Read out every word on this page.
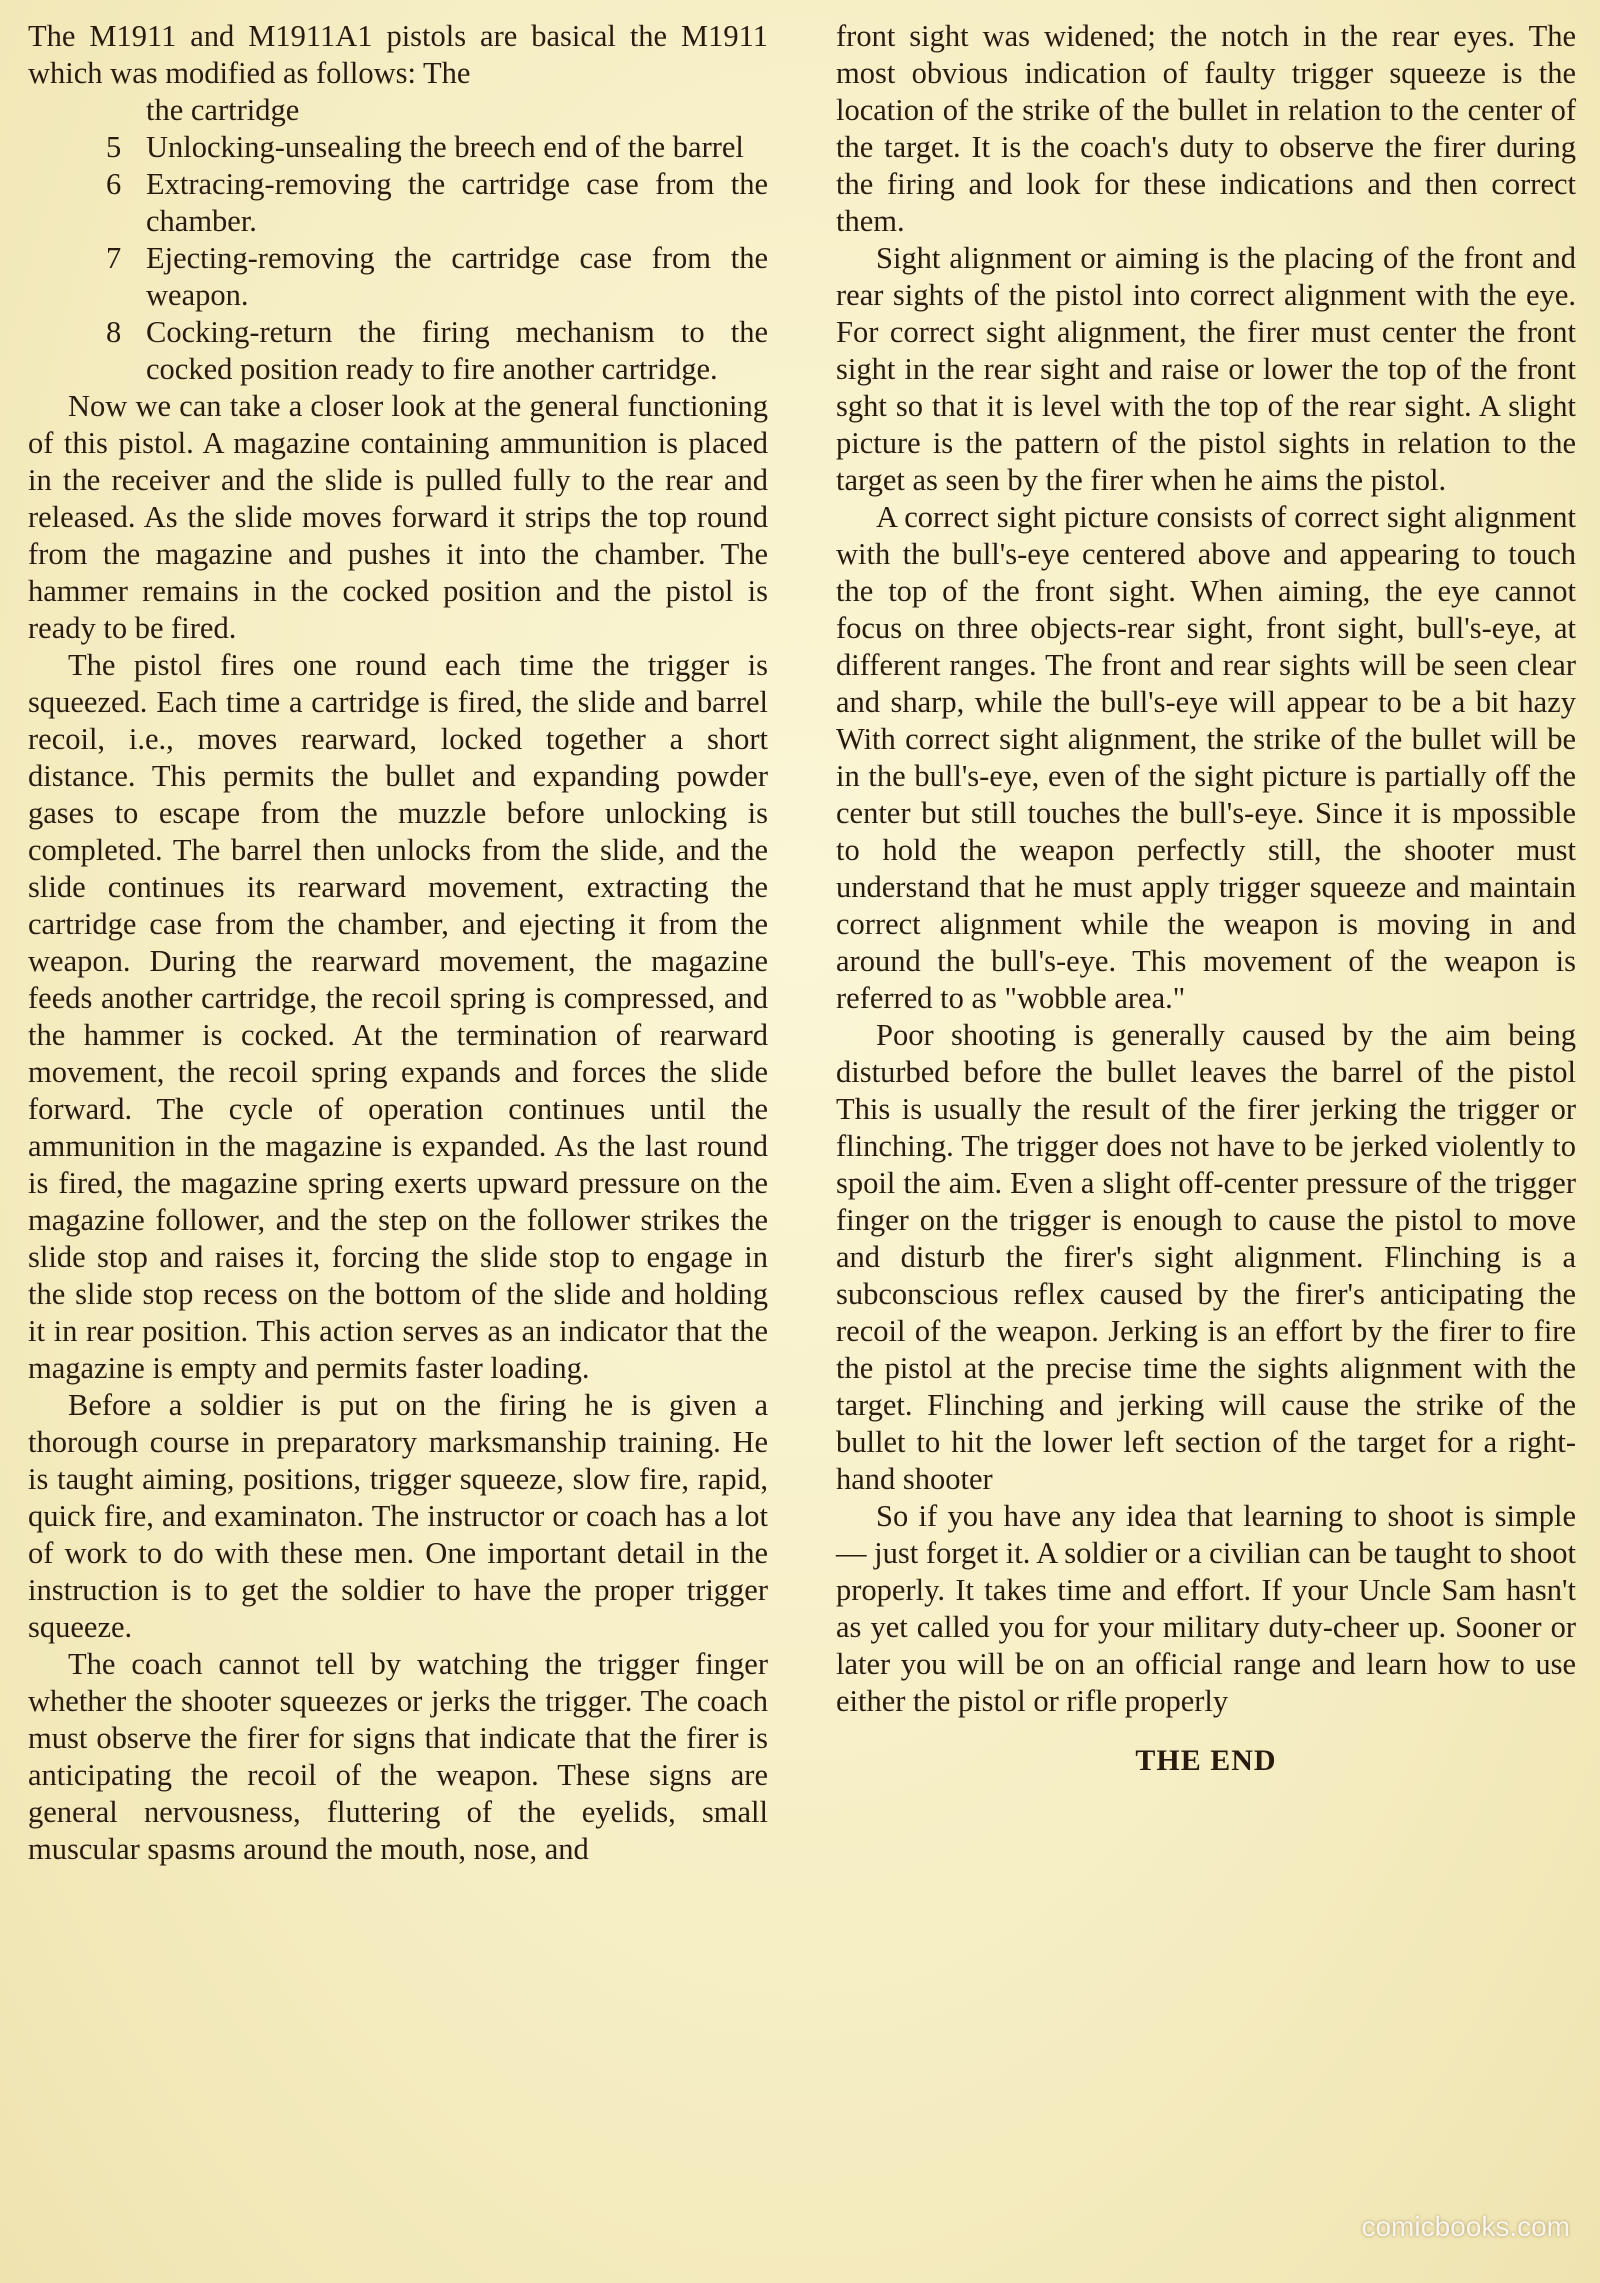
The M1911 and M1911A1 pistols are basical the M1911 which was modified as follows: The

the cartridge

5 Unlocking-unsealing the breech end of the barrel
6 Extracing-removing the cartridge case from the chamber.
7 Ejecting-removing the cartridge case from the weapon.
8 Cocking-return the firing mechanism to the cocked position ready to fire another cartridge.

Now we can take a closer look at the general functioning of this pistol. A magazine containing ammunition is placed in the receiver and the slide is pulled fully to the rear and released. As the slide moves forward it strips the top round from the magazine and pushes it into the chamber. The hammer remains in the cocked position and the pistol is ready to be fired.

The pistol fires one round each time the trigger is squeezed. Each time a cartridge is fired, the slide and barrel recoil, i.e., moves rearward, locked together a short distance. This permits the bullet and expanding powder gases to escape from the muzzle before unlocking is completed. The barrel then unlocks from the slide, and the slide continues its rearward movement, extracting the cartridge case from the chamber, and ejecting it from the weapon. During the rearward movement, the magazine feeds another cartridge, the recoil spring is compressed, and the hammer is cocked. At the termination of rearward movement, the recoil spring expands and forces the slide forward. The cycle of operation continues until the ammunition in the magazine is expanded. As the last round is fired, the magazine spring exerts upward pressure on the magazine follower, and the step on the follower strikes the slide stop and raises it, forcing the slide stop to engage in the slide stop recess on the bottom of the slide and holding it in rear position. This action serves as an indicator that the magazine is empty and permits faster loading.

Before a soldier is put on the firing he is given a thorough course in preparatory marksmanship training. He is taught aiming, positions, trigger squeeze, slow fire, rapid, quick fire, and examinaton. The instructor or coach has a lot of work to do with these men. One important detail in the instruction is to get the soldier to have the proper trigger squeeze.

The coach cannot tell by watching the trigger finger whether the shooter squeezes or jerks the trigger. The coach must observe the firer for signs that indicate that the firer is anticipating the recoil of the weapon. These signs are general nervousness, fluttering of the eyelids, small muscular spasms around the mouth, nose, and

front sight was widened; the notch in the rear eyes. The most obvious indication of faulty trigger squeeze is the location of the strike of the bullet in relation to the center of the target. It is the coach's duty to observe the firer during the firing and look for these indications and then correct them.

Sight alignment or aiming is the placing of the front and rear sights of the pistol into correct alignment with the eye. For correct sight alignment, the firer must center the front sight in the rear sight and raise or lower the top of the front sght so that it is level with the top of the rear sight. A slight picture is the pattern of the pistol sights in relation to the target as seen by the firer when he aims the pistol.

A correct sight picture consists of correct sight alignment with the bull's-eye centered above and appearing to touch the top of the front sight. When aiming, the eye cannot focus on three objects-rear sight, front sight, bull's-eye, at different ranges. The front and rear sights will be seen clear and sharp, while the bull's-eye will appear to be a bit hazy With correct sight alignment, the strike of the bullet will be in the bull's-eye, even of the sight picture is partially off the center but still touches the bull's-eye. Since it is mpossible to hold the weapon perfectly still, the shooter must understand that he must apply trigger squeeze and maintain correct alignment while the weapon is moving in and around the bull's-eye. This movement of the weapon is referred to as "wobble area."

Poor shooting is generally caused by the aim being disturbed before the bullet leaves the barrel of the pistol This is usually the result of the firer jerking the trigger or flinching. The trigger does not have to be jerked violently to spoil the aim. Even a slight off-center pressure of the trigger finger on the trigger is enough to cause the pistol to move and disturb the firer's sight alignment. Flinching is a subconscious reflex caused by the firer's anticipating the recoil of the weapon. Jerking is an effort by the firer to fire the pistol at the precise time the sights alignment with the target. Flinching and jerking will cause the strike of the bullet to hit the lower left section of the target for a right-hand shooter

So if you have any idea that learning to shoot is simple — just forget it. A soldier or a civilian can be taught to shoot properly. It takes time and effort. If your Uncle Sam hasn't as yet called you for your military duty-cheer up. Sooner or later you will be on an official range and learn how to use either the pistol or rifle properly

THE END
comicbooks.com
